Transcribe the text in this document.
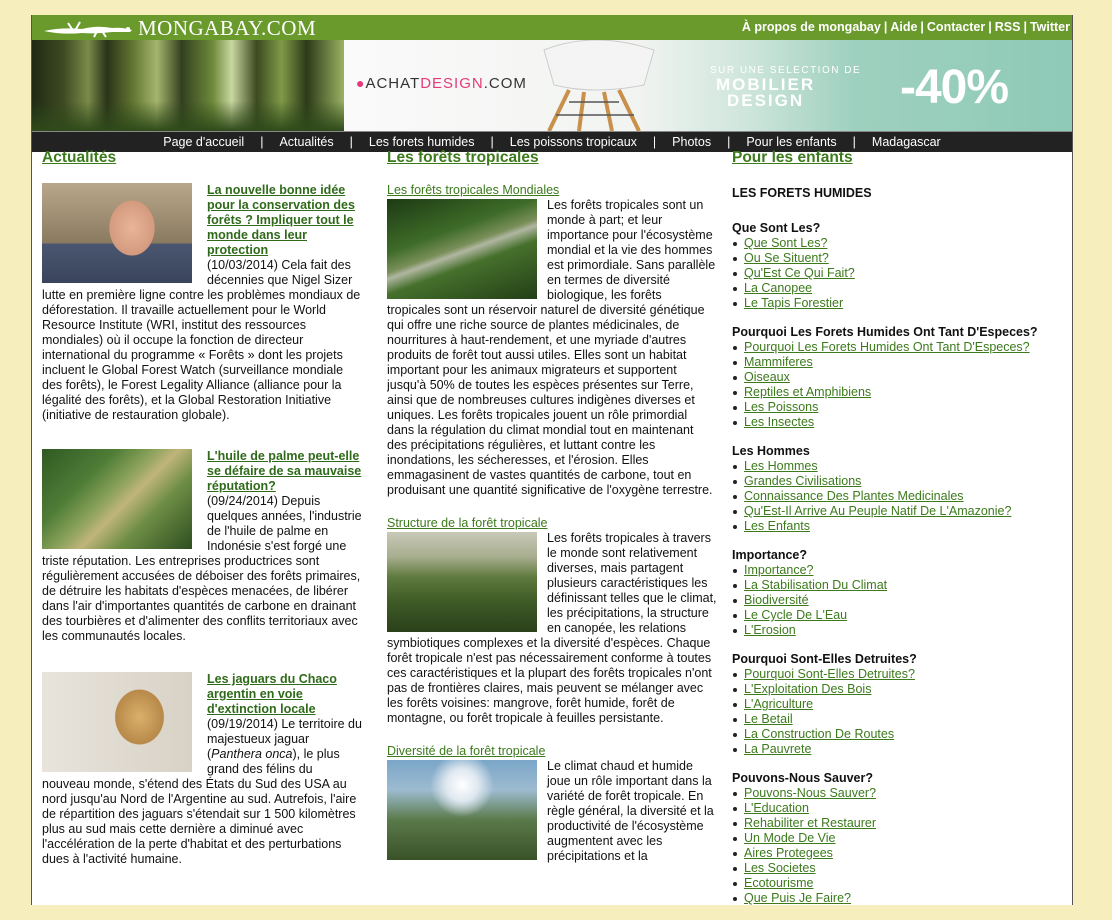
MONGABAY.COM	À propos de mongabay | Aide | Contacter | RSS | Twitter
●ACHATDESIGN.COM
SUR UNE SELECTION DE
MOBILIER
DESIGN -40%
Page d'accueil | Actualités | Les forets humides | Les poissons tropicaux | Photos | Pour les enfants | Madagascar
Actualités
La nouvelle bonne idée pour la conservation des forêts ? Impliquer tout le monde dans leur protection
(10/03/2014) Cela fait des décennies que Nigel Sizer lutte en première ligne contre les problèmes mondiaux de déforestation. Il travaille actuellement pour le World Resource Institute (WRI, institut des ressources mondiales) où il occupe la fonction de directeur international du programme « Forêts » dont les projets incluent le Global Forest Watch (surveillance mondiale des forêts), le Forest Legality Alliance (alliance pour la légalité des forêts), et la Global Restoration Initiative (initiative de restauration globale).
L'huile de palme peut-elle se défaire de sa mauvaise réputation?
(09/24/2014) Depuis quelques années, l'industrie de l'huile de palme en Indonésie s'est forgé une triste réputation. Les entreprises productrices sont régulièrement accusées de déboiser des forêts primaires, de détruire les habitats d'espèces menacées, de libérer dans l'air d'importantes quantités de carbone en drainant des tourbières et d'alimenter des conflits territoriaux avec les communautés locales.
Les jaguars du Chaco argentin en voie d'extinction locale
(09/19/2014) Le territoire du majestueux jaguar (Panthera onca), le plus grand des félins du nouveau monde, s'étend des États du Sud des USA au nord jusqu'au Nord de l'Argentine au sud. Autrefois, l'aire de répartition des jaguars s'étendait sur 1 500 kilomètres plus au sud mais cette dernière a diminué avec l'accélération de la perte d'habitat et des perturbations dues à l'activité humaine.
Les forêts tropicales
Les forêts tropicales Mondiales
Les forêts tropicales sont un monde à part; et leur importance pour l'écosystème mondial et la vie des hommes est primordiale. Sans parallèle en termes de diversité biologique, les forêts tropicales sont un réservoir naturel de diversité génétique qui offre une riche source de plantes médicinales, de nourritures à haut-rendement, et une myriade d'autres produits de forêt tout aussi utiles. Elles sont un habitat important pour les animaux migrateurs et supportent jusqu'à 50% de toutes les espèces présentes sur Terre, ainsi que de nombreuses cultures indigènes diverses et uniques. Les forêts tropicales jouent un rôle primordial dans la régulation du climat mondial tout en maintenant des précipitations régulières, et luttant contre les inondations, les sécheresses, et l'érosion. Elles emmagasinent de vastes quantités de carbone, tout en produisant une quantité significative de l'oxygène terrestre.
Structure de la forêt tropicale
Les forêts tropicales à travers le monde sont relativement diverses, mais partagent plusieurs caractéristiques les définissant telles que le climat, les précipitations, la structure en canopée, les relations symbiotiques complexes et la diversité d'espèces. Chaque forêt tropicale n'est pas nécessairement conforme à toutes ces caractéristiques et la plupart des forêts tropicales n'ont pas de frontières claires, mais peuvent se mélanger avec les forêts voisines: mangrove, forêt humide, forêt de montagne, ou forêt tropicale à feuilles persistante.
Diversité de la forêt tropicale
Le climat chaud et humide joue un rôle important dans la variété de forêt tropicale. En règle général, la diversité et la productivité de l'écosystème augmentent avec les précipitations et la
Pour les enfants
LES FORETS HUMIDES
Que Sont Les?
Que Sont Les?
Ou Se Situent?
Qu'Est Ce Qui Fait?
La Canopee
Le Tapis Forestier
Pourquoi Les Forets Humides Ont Tant D'Especes?
Pourquoi Les Forets Humides Ont Tant D'Especes?
Mammiferes
Oiseaux
Reptiles et Amphibiens
Les Poissons
Les Insectes
Les Hommes
Les Hommes
Grandes Civilisations
Connaissance Des Plantes Medicinales
Qu'Est-Il Arrive Au Peuple Natif De L'Amazonie?
Les Enfants
Importance?
Importance?
La Stabilisation Du Climat
Biodiversité
Le Cycle De L'Eau
L'Erosion
Pourquoi Sont-Elles Detruites?
Pourquoi Sont-Elles Detruites?
L'Exploitation Des Bois
L'Agriculture
Le Betail
La Construction De Routes
La Pauvrete
Pouvons-Nous Sauver?
Pouvons-Nous Sauver?
L'Education
Rehabiliter et Restaurer
Un Mode De Vie
Aires Protegees
Les Societes
Ecotourisme
Que Puis Je Faire?
